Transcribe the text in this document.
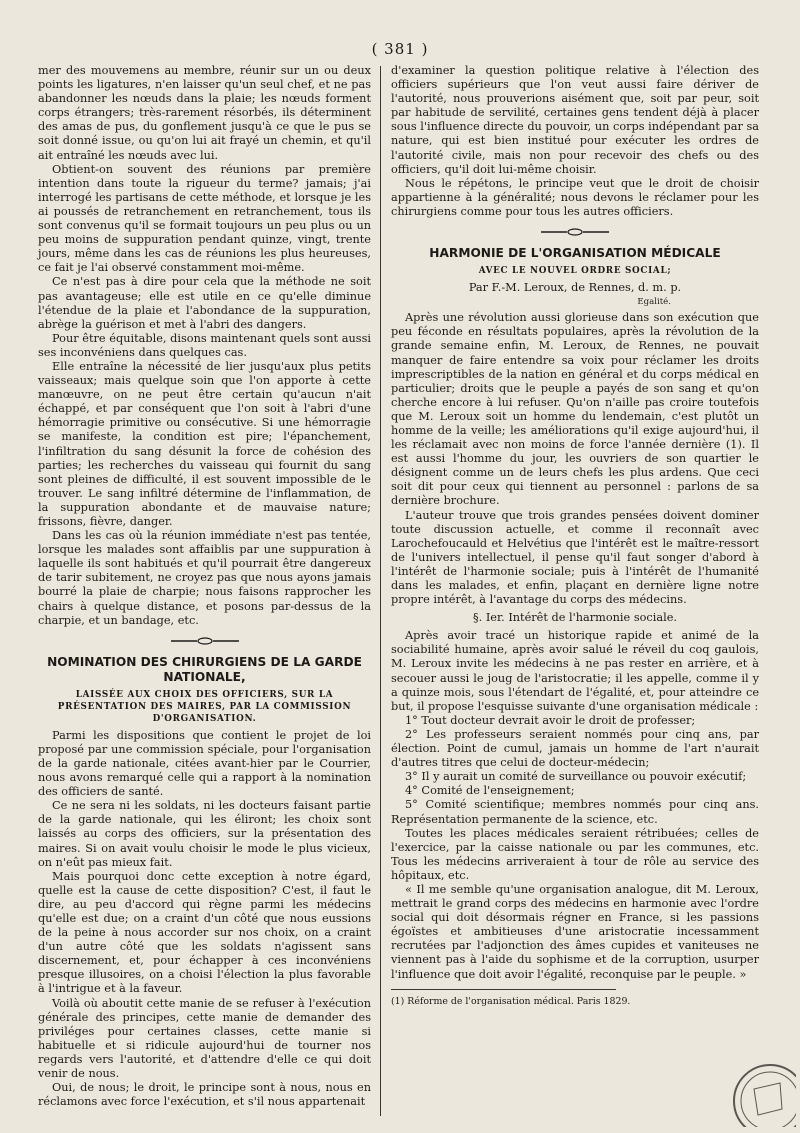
( 381 )

mer des mouvemens au membre, réunir sur un ou deux points les ligatures, n'en laisser qu'un seul chef, et ne pas abandonner les nœuds dans la plaie; les nœuds forment corps étrangers; très-rarement résorbés, ils déterminent des amas de pus, du gonflement jusqu'à ce que le pus se soit donné issue, ou qu'on lui ait frayé un chemin, et qu'il ait entraîné les nœuds avec lui.

Obtient-on souvent des réunions par première intention dans toute la rigueur du terme? jamais; j'ai interrogé les partisans de cette méthode, et lorsque je les ai poussés de retranchement en retranchement, tous ils sont convenus qu'il se formait toujours un peu plus ou un peu moins de suppuration pendant quinze, vingt, trente jours, même dans les cas de réunions les plus heureuses, ce fait je l'ai observé constamment moi-même.

Ce n'est pas à dire pour cela que la méthode ne soit pas avantageuse; elle est utile en ce qu'elle diminue l'étendue de la plaie et l'abondance de la suppuration, abrège la guérison et met à l'abri des dangers.

Pour être équitable, disons maintenant quels sont aussi ses inconvéniens dans quelques cas.

Elle entraîne la nécessité de lier jusqu'aux plus petits vaisseaux; mais quelque soin que l'on apporte à cette manœuvre, on ne peut être certain qu'aucun n'ait échappé, et par conséquent que l'on soit à l'abri d'une hémorragie primitive ou consécutive. Si une hémorragie se manifeste, la condition est pire; l'épanchement, l'infiltration du sang désunit la force de cohésion des parties; les recherches du vaisseau qui fournit du sang sont pleines de difficulté, il est souvent impossible de le trouver. Le sang infiltré détermine de l'inflammation, de la suppuration abondante et de mauvaise nature; frissons, fièvre, danger.

Dans les cas où la réunion immédiate n'est pas tentée, lorsque les malades sont affaiblis par une suppuration à laquelle ils sont habitués et qu'il pourrait être dangereux de tarir subitement, ne croyez pas que nous ayons jamais bourré la plaie de charpie; nous faisons rapprocher les chairs à quelque distance, et posons par-dessus de la charpie, et un bandage, etc.

NOMINATION DES CHIRURGIENS DE LA GARDE NATIONALE,
LAISSÉE AUX CHOIX DES OFFICIERS, SUR LA PRÉSENTATION DES MAIRES, PAR LA COMMISSION D'ORGANISATION.

Parmi les dispositions que contient le projet de loi proposé par une commission spéciale, pour l'organisation de la garde nationale, citées avant-hier par le Courrier, nous avons remarqué celle qui a rapport à la nomination des officiers de santé.

Ce ne sera ni les soldats, ni les docteurs faisant partie de la garde nationale, qui les éliront; les choix sont laissés au corps des officiers, sur la présentation des maires. Si on avait voulu choisir le mode le plus vicieux, on n'eût pas mieux fait.

Mais pourquoi donc cette exception à notre égard, quelle est la cause de cette disposition? C'est, il faut le dire, au peu d'accord qui règne parmi les médecins qu'elle est due; on a craint d'un côté que nous eussions de la peine à nous accorder sur nos choix, on a craint d'un autre côté que les soldats n'agissent sans discernement, et, pour échapper à ces inconvéniens presque illusoires, on a choisi l'élection la plus favorable à l'intrigue et à la faveur.

Voilà où aboutit cette manie de se refuser à l'exécution générale des principes, cette manie de demander des priviléges pour certaines classes, cette manie si habituelle et si ridicule aujourd'hui de tourner nos regards vers l'autorité, et d'attendre d'elle ce qui doit venir de nous.

Oui, de nous; le droit, le principe sont à nous, nous en réclamons avec force l'exécution, et s'il nous appartenait

d'examiner la question politique relative à l'élection des officiers supérieurs que l'on veut aussi faire dériver de l'autorité, nous prouverions aisément que, soit par peur, soit par habitude de servilité, certaines gens tendent déjà à placer sous l'influence directe du pouvoir, un corps indépendant par sa nature, qui est bien institué pour exécuter les ordres de l'autorité civile, mais non pour recevoir des chefs ou des officiers, qu'il doit lui-même choisir.

Nous le répétons, le principe veut que le droit de choisir appartienne à la généralité; nous devons le réclamer pour les chirurgiens comme pour tous les autres officiers.

HARMONIE DE L'ORGANISATION MÉDICALE
AVEC LE NOUVEL ORDRE SOCIAL;
Par F.-M. Leroux, de Rennes, d. m. p.
Egalité.

Après une révolution aussi glorieuse dans son exécution que peu féconde en résultats populaires, après la révolution de la grande semaine enfin, M. Leroux, de Rennes, ne pouvait manquer de faire entendre sa voix pour réclamer les droits imprescriptibles de la nation en général et du corps médical en particulier; droits que le peuple a payés de son sang et qu'on cherche encore à lui refuser. Qu'on n'aille pas croire toutefois que M. Leroux soit un homme du lendemain, c'est plutôt un homme de la veille; les améliorations qu'il exige aujourd'hui, il les réclamait avec non moins de force l'année dernière (1). Il est aussi l'homme du jour, les ouvriers de son quartier le désignent comme un de leurs chefs les plus ardens. Que ceci soit dit pour ceux qui tiennent au personnel : parlons de sa dernière brochure.

L'auteur trouve que trois grandes pensées doivent dominer toute discussion actuelle, et comme il reconnaît avec Larochefoucauld et Helvétius que l'intérêt est le maître-ressort de l'univers intellectuel, il pense qu'il faut songer d'abord à l'intérêt de l'harmonie sociale; puis à l'intérêt de l'humanité dans les malades, et enfin, plaçant en dernière ligne notre propre intérêt, à l'avantage du corps des médecins.

§. Ier. Intérêt de l'harmonie sociale.

Après avoir tracé un historique rapide et animé de la sociabilité humaine, après avoir salué le réveil du coq gaulois, M. Leroux invite les médecins à ne pas rester en arrière, et à secouer aussi le joug de l'aristocratie; il les appelle, comme il y a quinze mois, sous l'étendart de l'égalité, et, pour atteindre ce but, il propose l'esquisse suivante d'une organisation médicale :

1° Tout docteur devrait avoir le droit de professer;

2° Les professeurs seraient nommés pour cinq ans, par élection. Point de cumul, jamais un homme de l'art n'aurait d'autres titres que celui de docteur-médecin;

3° Il y aurait un comité de surveillance ou pouvoir exécutif;

4° Comité de l'enseignement;

5° Comité scientifique; membres nommés pour cinq ans. Représentation permanente de la science, etc.

Toutes les places médicales seraient rétribuées; celles de l'exercice, par la caisse nationale ou par les communes, etc. Tous les médecins arriveraient à tour de rôle au service des hôpitaux, etc.

« Il me semble qu'une organisation analogue, dit M. Leroux, mettrait le grand corps des médecins en harmonie avec l'ordre social qui doit désormais régner en France, si les passions égoïstes et ambitieuses d'une aristocratie incessamment recrutées par l'adjonction des âmes cupides et vaniteuses ne viennent pas à l'aide du sophisme et de la corruption, usurper l'influence que doit avoir l'égalité, reconquise par le peuple. »

(1) Réforme de l'organisation médical. Paris 1829.
